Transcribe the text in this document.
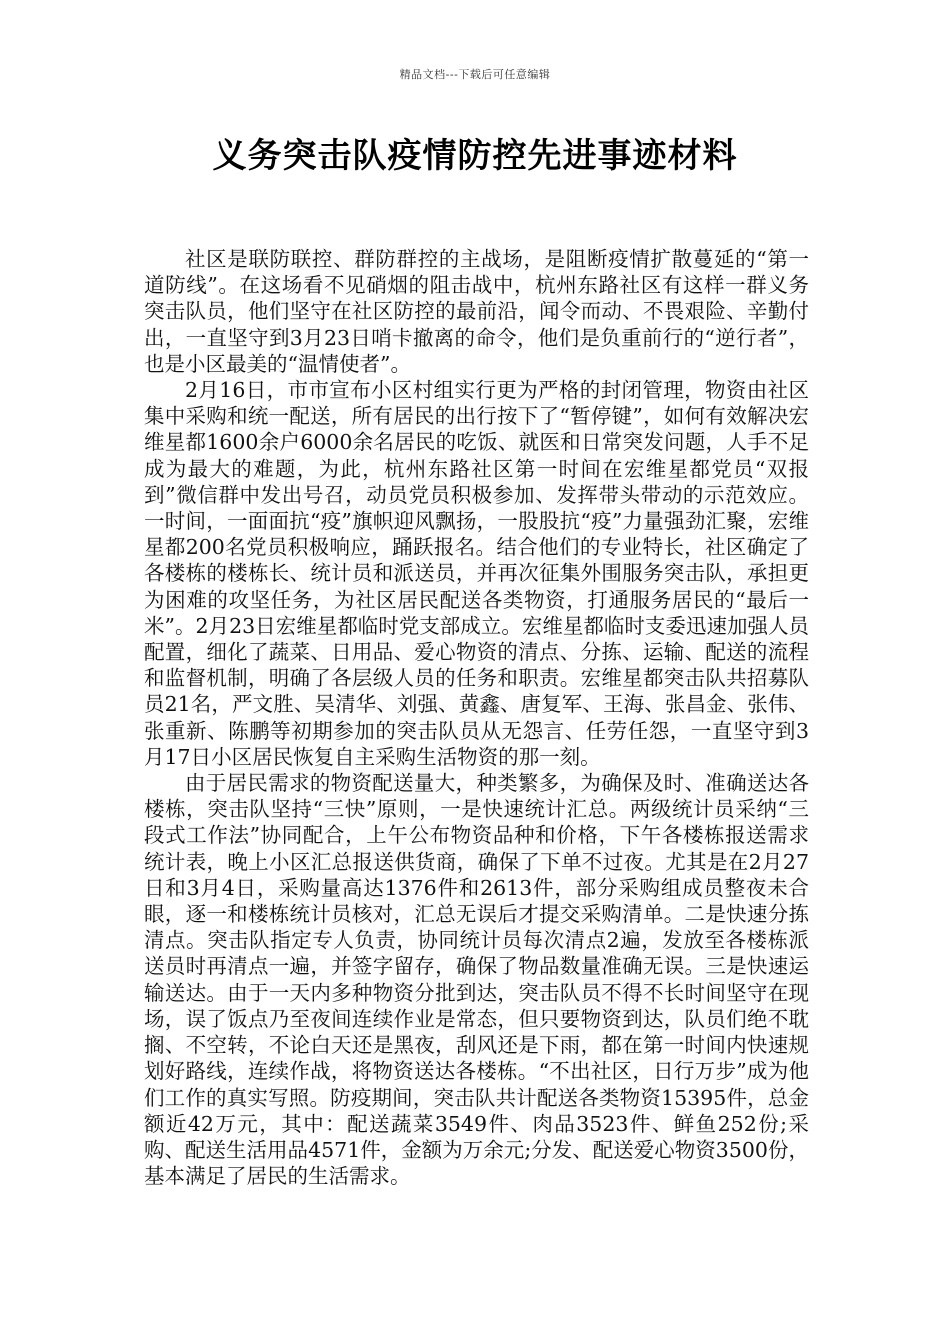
精品文档---下载后可任意编辑
义务突击队疫情防控先进事迹材料

社区是联防联控、群防群控的主战场，是阻断疫情扩散蔓延的“第一道防线”。在这场看不见硝烟的阻击战中，杭州东路社区有这样一群义务突击队员，他们坚守在社区防控的最前沿，闻令而动、不畏艰险、辛勤付出，一直坚守到3月23日哨卡撤离的命令，他们是负重前行的“逆行者”，也是小区最美的“温情使者”。

2月16日，市市宣布小区村组实行更为严格的封闭管理，物资由社区集中采购和统一配送，所有居民的出行按下了“暂停键”，如何有效解决宏维星都1600余户6000余名居民的吃饭、就医和日常突发问题，人手不足成为最大的难题，为此，杭州东路社区第一时间在宏维星都党员“双报到”微信群中发出号召，动员党员积极参加、发挥带头带动的示范效应。一时间，一面面抗“疫”旗帜迎风飘扬，一股股抗“疫”力量强劲汇聚，宏维星都200名党员积极响应，踊跃报名。结合他们的专业特长，社区确定了各楼栋的楼栋长、统计员和派送员，并再次征集外围服务突击队，承担更为困难的攻坚任务，为社区居民配送各类物资，打通服务居民的“最后一米”。2月23日宏维星都临时党支部成立。宏维星都临时支委迅速加强人员配置，细化了蔬菜、日用品、爱心物资的清点、分拣、运输、配送的流程和监督机制，明确了各层级人员的任务和职责。宏维星都突击队共招募队员21名，严文胜、吴清华、刘强、黄鑫、唐复军、王海、张昌金、张伟、张重新、陈鹏等初期参加的突击队员从无怨言、任劳任怨，一直坚守到3月17日小区居民恢复自主采购生活物资的那一刻。

由于居民需求的物资配送量大，种类繁多，为确保及时、准确送达各楼栋，突击队坚持“三快”原则，一是快速统计汇总。两级统计员采纳“三段式工作法”协同配合，上午公布物资品种和价格，下午各楼栋报送需求统计表，晚上小区汇总报送供货商，确保了下单不过夜。尤其是在2月27日和3月4日，采购量高达1376件和2613件，部分采购组成员整夜未合眼，逐一和楼栋统计员核对，汇总无误后才提交采购清单。二是快速分拣清点。突击队指定专人负责，协同统计员每次清点2遍，发放至各楼栋派送员时再清点一遍，并签字留存，确保了物品数量准确无误。三是快速运输送达。由于一天内多种物资分批到达，突击队员不得不长时间坚守在现场，误了饭点乃至夜间连续作业是常态，但只要物资到达，队员们绝不耽搁、不空转，不论白天还是黑夜，刮风还是下雨，都在第一时间内快速规划好路线，连续作战，将物资送达各楼栋。“不出社区，日行万步”成为他们工作的真实写照。防疫期间，突击队共计配送各类物资15395件，总金额近42万元，其中：配送蔬菜3549件、肉品3523件、鲜鱼252份;采购、配送生活用品4571件，金额为万余元;分发、配送爱心物资3500份，基本满足了居民的生活需求。
